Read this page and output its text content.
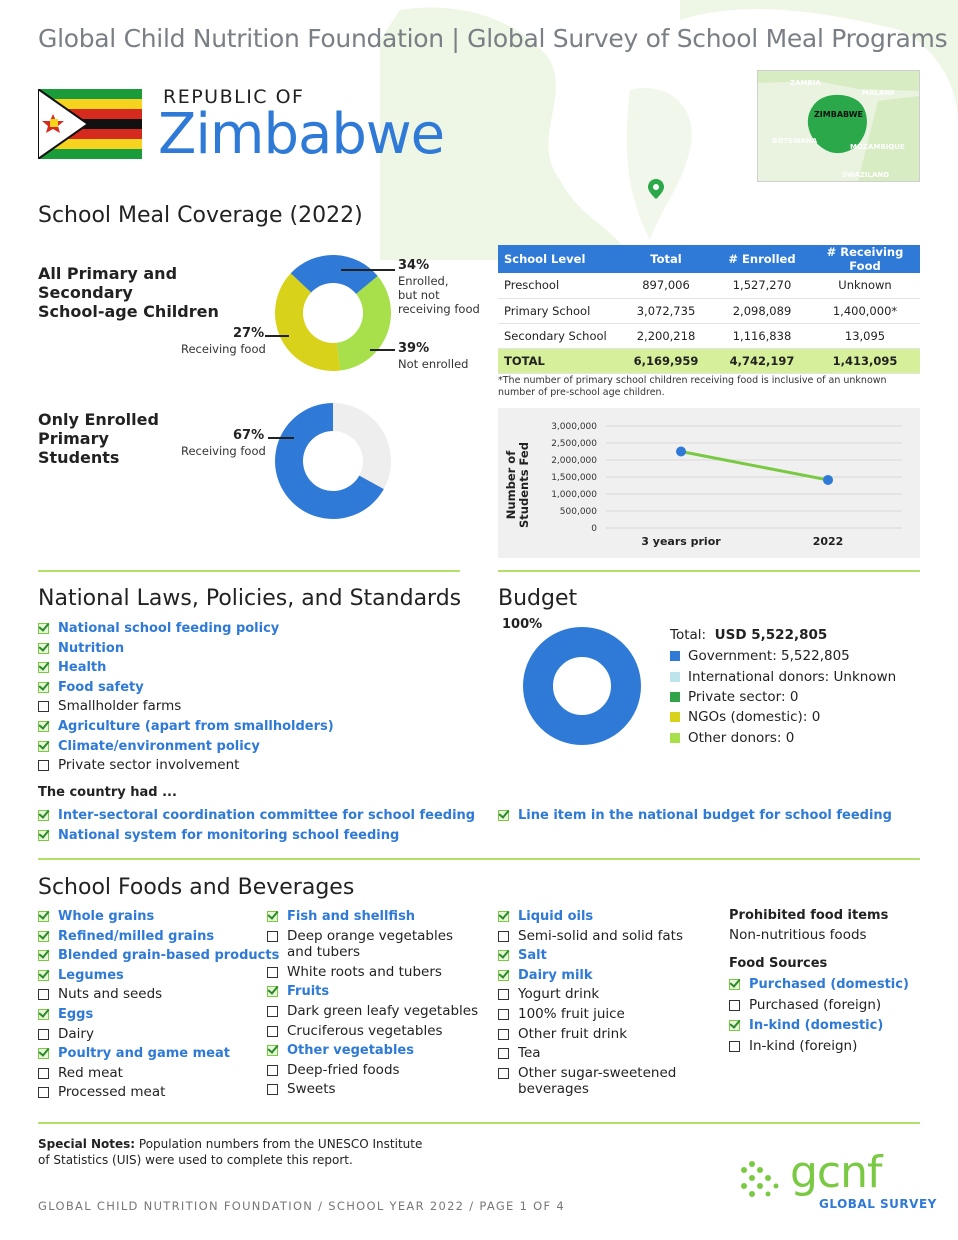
Global Child Nutrition Foundation | Global Survey of School Meal Programs
REPUBLIC OF
Zimbabwe
ZAMBIA
MALAWI
ZIMBABWE
BOTSWANA
MOZAMBIQUE
SWAZILAND
School Meal Coverage (2022)
All Primary and
Secondary
School-age Children
34%
Enrolled,
but not
receiving food
39%
Not enrolled
27%
Receiving food
Only Enrolled
Primary
Students
67%
Receiving food
School Level	Total	# Enrolled	# Receiving Food
Preschool	897,006	1,527,270	Unknown
Primary School	3,072,735	2,098,089	1,400,000*
Secondary School	2,200,218	1,116,838	13,095
TOTAL	6,169,959	4,742,197	1,413,095
*The number of primary school children receiving food is inclusive of an unknown
number of pre-school age children.
Number of Students Fed
0
500,000
1,000,000
1,500,000
2,000,000
2,500,000
3,000,000
3 years prior	2022
National Laws, Policies, and Standards
National school feeding policy
Nutrition
Health
Food safety
Smallholder farms
Agriculture (apart from smallholders)
Climate/environment policy
Private sector involvement
The country had ...
Inter-sectoral coordination committee for school feeding
National system for monitoring school feeding
Line item in the national budget for school feeding
Budget
100%
Total: USD 5,522,805
Government:
5,522,805
International donors:
Unknown
Private sector:
0
NGOs (domestic):
0
Other donors:
0
School Foods and Beverages
Whole grains
Refined/milled grains
Blended grain-based products
Legumes
Nuts and seeds
Eggs
Dairy
Poultry and game meat
Red meat
Processed meat
Fish and shellfish
Deep orange vegetables
and tubers
White roots and tubers
Fruits
Dark green leafy vegetables
Cruciferous vegetables
Other vegetables
Deep-fried foods
Sweets
Liquid oils
Semi-solid and solid fats
Salt
Dairy milk
Yogurt drink
100% fruit juice
Other fruit drink
Tea
Other sugar-sweetened
beverages
Prohibited food items
Non-nutritious foods
Food Sources
Purchased (domestic)
Purchased (foreign)
In-kind (domestic)
In-kind (foreign)
Special Notes: Population numbers from the UNESCO Institute
of Statistics (UIS) were used to complete this report.	gcnf
GLOBAL SURVEY
GLOBAL CHILD NUTRITION FOUNDATION / SCHOOL YEAR 2022 / PAGE 1 OF 4
